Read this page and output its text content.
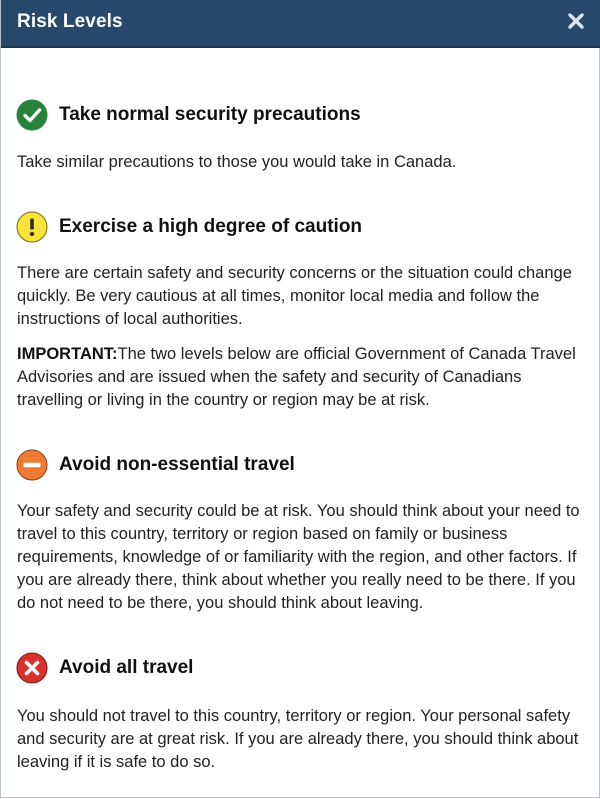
Risk Levels
Take normal security precautions
Take similar precautions to those you would take in Canada.
Exercise a high degree of caution
There are certain safety and security concerns or the situation could change quickly. Be very cautious at all times, monitor local media and follow the instructions of local authorities.
IMPORTANT:The two levels below are official Government of Canada Travel Advisories and are issued when the safety and security of Canadians travelling or living in the country or region may be at risk.
Avoid non-essential travel
Your safety and security could be at risk. You should think about your need to travel to this country, territory or region based on family or business requirements, knowledge of or familiarity with the region, and other factors. If you are already there, think about whether you really need to be there. If you do not need to be there, you should think about leaving.
Avoid all travel
You should not travel to this country, territory or region. Your personal safety and security are at great risk. If you are already there, you should think about leaving if it is safe to do so.
